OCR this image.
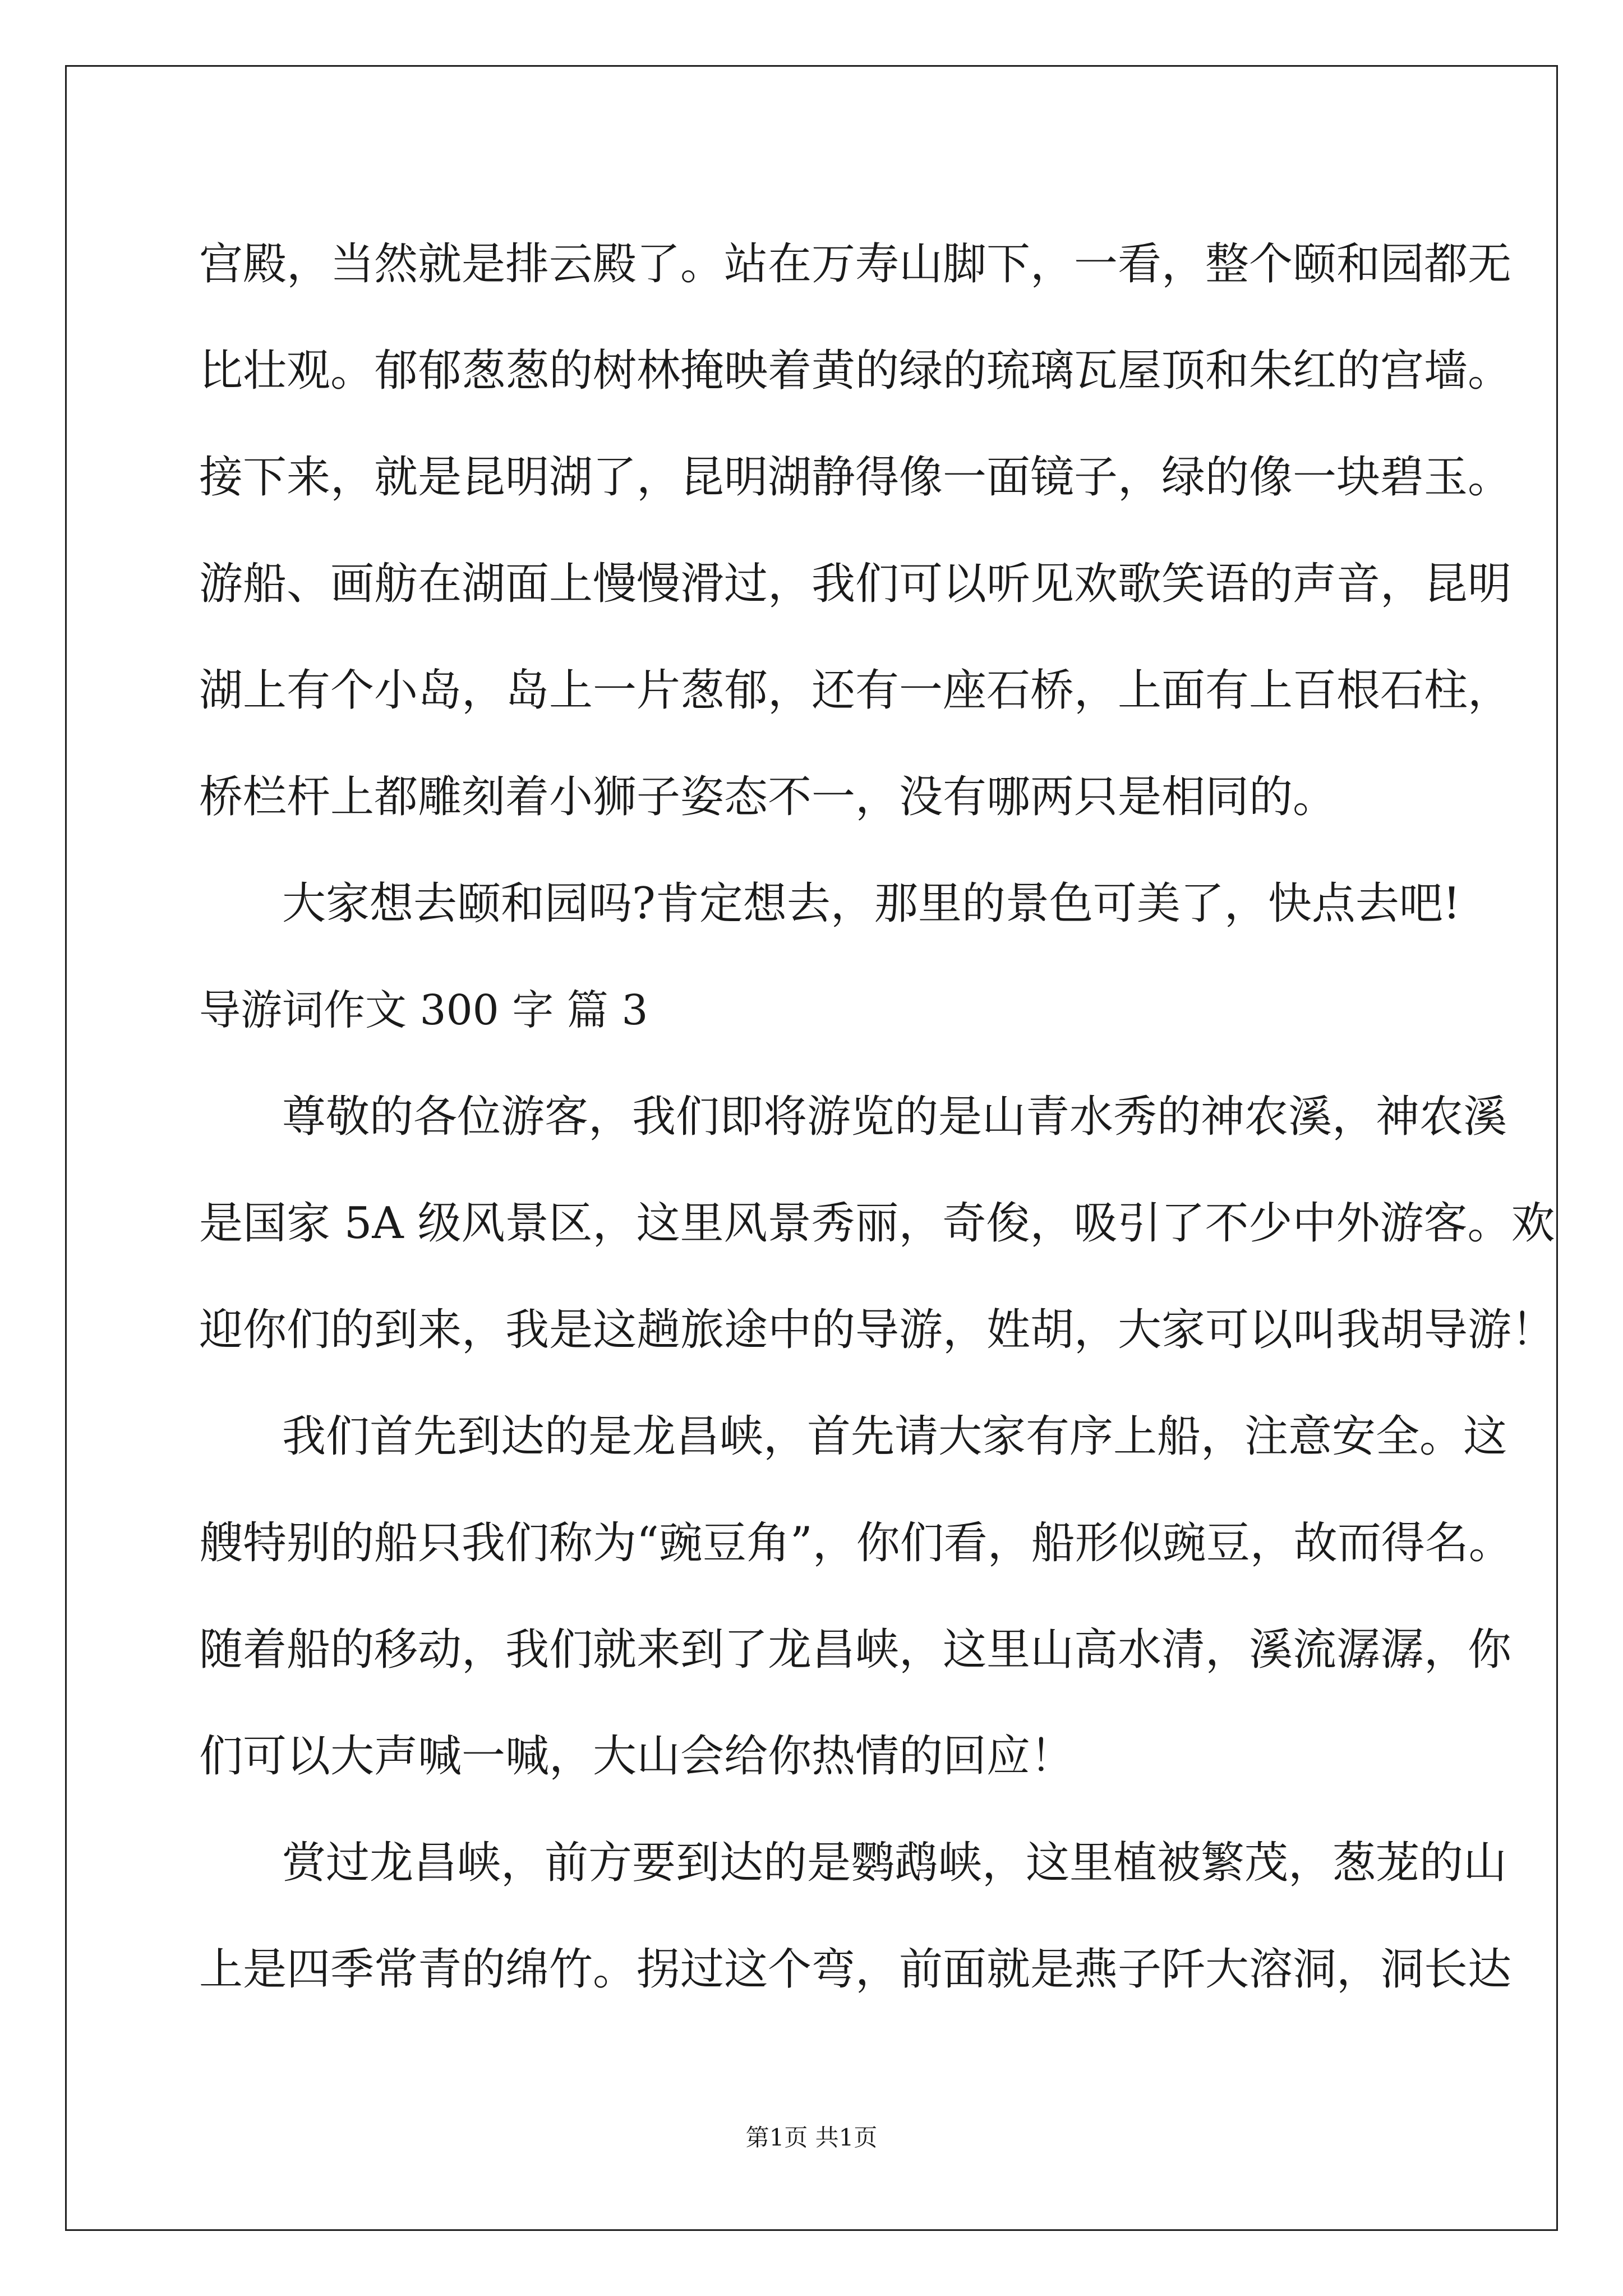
宫殿，当然就是排云殿了。站在万寿山脚下，一看，整个颐和园都无
比壮观。郁郁葱葱的树林掩映着黄的绿的琉璃瓦屋顶和朱红的宫墙。
接下来，就是昆明湖了，昆明湖静得像一面镜子，绿的像一块碧玉。
游船、画舫在湖面上慢慢滑过，我们可以听见欢歌笑语的声音，昆明
湖上有个小岛，岛上一片葱郁，还有一座石桥，上面有上百根石柱，
桥栏杆上都雕刻着小狮子姿态不一，没有哪两只是相同的。
大家想去颐和园吗?肯定想去，那里的景色可美了，快点去吧!
导游词作文 300 字 篇 3
尊敬的各位游客，我们即将游览的是山青水秀的神农溪，神农溪
是国家 5A 级风景区，这里风景秀丽，奇俊，吸引了不少中外游客。欢
迎你们的到来，我是这趟旅途中的导游，姓胡，大家可以叫我胡导游！
我们首先到达的是龙昌峡，首先请大家有序上船，注意安全。这
艘特别的船只我们称为“豌豆角”，你们看，船形似豌豆，故而得名。
随着船的移动，我们就来到了龙昌峡，这里山高水清，溪流潺潺，你
们可以大声喊一喊，大山会给你热情的回应！
赏过龙昌峡，前方要到达的是鹦鹉峡，这里植被繁茂，葱茏的山
上是四季常青的绵竹。拐过这个弯，前面就是燕子阡大溶洞，洞长达
第1页 共1页
